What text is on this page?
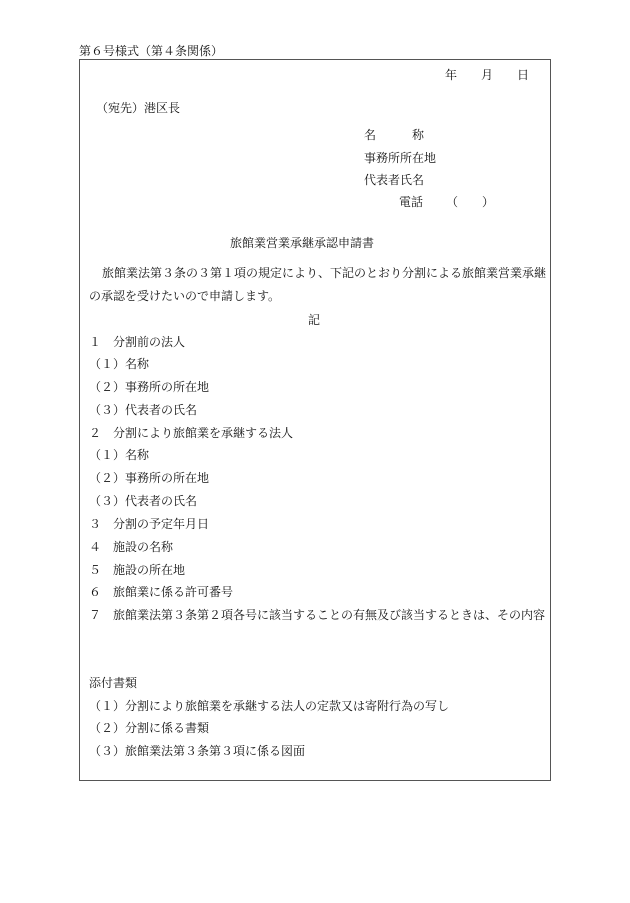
第６号様式（第４条関係）
年 月 日
（宛先）港区長
名　　　称
事務所所在地
代表者氏名
電話 （　　）
旅館業営業承継承認申請書
旅館業法第３条の３第１項の規定により、下記のとおり分割による旅館業営業承継
の承認を受けたいので申請します。
記
１　分割前の法人
（１）名称
（２）事務所の所在地
（３）代表者の氏名
２　分割により旅館業を承継する法人
（１）名称
（２）事務所の所在地
（３）代表者の氏名
３　分割の予定年月日
４　施設の名称
５　施設の所在地
６　旅館業に係る許可番号
７　旅館業法第３条第２項各号に該当することの有無及び該当するときは、その内容
添付書類
（１）分割により旅館業を承継する法人の定款又は寄附行為の写し
（２）分割に係る書類
（３）旅館業法第３条第３項に係る図面
